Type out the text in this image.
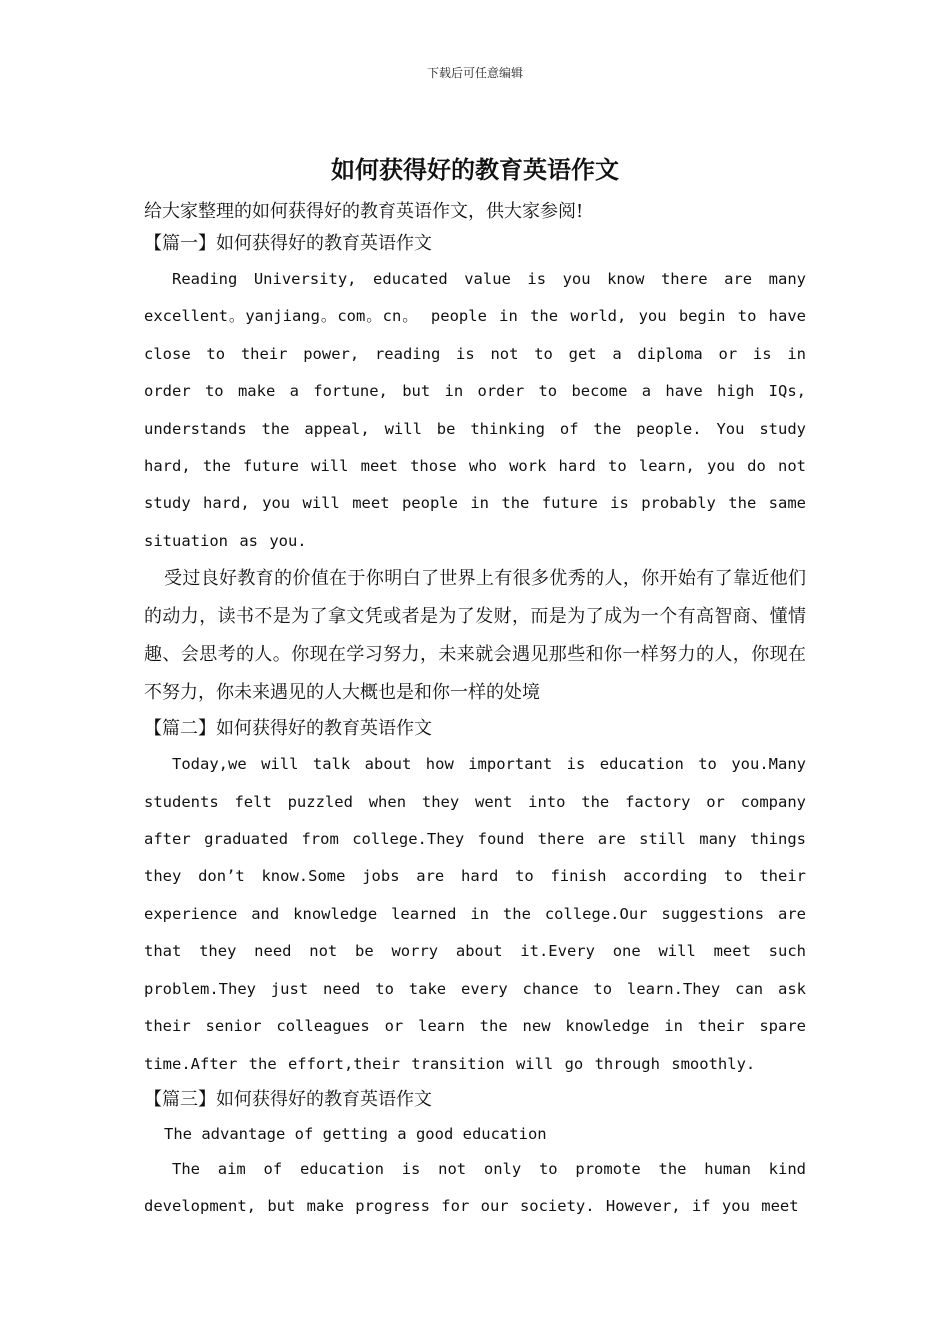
下载后可任意编辑
如何获得好的教育英语作文

给大家整理的如何获得好的教育英语作文，供大家参阅!

【篇一】如何获得好的教育英语作文

Reading University, educated value is you know there are many excellent。yanjiang。com。cn。 people in the world, you begin to have close to their power, reading is not to get a diploma or is in order to make a fortune, but in order to become a have high IQs, understands the appeal, will be thinking of the people. You study hard, the future will meet those who work hard to learn, you do not study hard, you will meet people in the future is probably the same situation as you.

受过良好教育的价值在于你明白了世界上有很多优秀的人，你开始有了靠近他们的动力，读书不是为了拿文凭或者是为了发财，而是为了成为一个有高智商、懂情趣、会思考的人。你现在学习努力，未来就会遇见那些和你一样努力的人，你现在不努力，你未来遇见的人大概也是和你一样的处境

【篇二】如何获得好的教育英语作文

Today,we will talk about how important is education to you.Many students felt puzzled when they went into the factory or company after graduated from college.They found there are still many things they don’t know.Some jobs are hard to finish according to their experience and knowledge learned in the college.Our suggestions are that they need not be worry about it.Every one will meet such problem.They just need to take every chance to learn.They can ask their senior colleagues or learn the new knowledge in their spare time.After the effort,their transition will go through smoothly.

【篇三】如何获得好的教育英语作文

The advantage of getting a good education

The aim of education is not only to promote the human kind development, but make progress for our society. However, if you meet
